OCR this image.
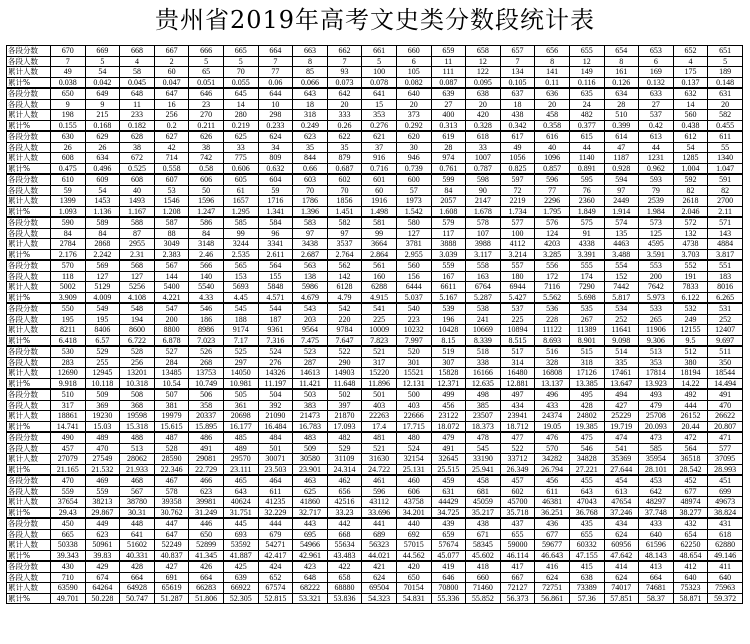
贵州省2019年高考文史类分数段统计表
各段分数	670	669	668	667	666	665	664	663	662	661	660	659	658	657	656	655	654	653	652	651
各段人数	7	5	4	2	5	5	7	8	7	5	6	11	12	7	8	12	8	6	4	5
累计人数	49	54	58	60	65	70	77	85	93	100	105	111	122	134	141	149	161	169	175	189
累计%	0.038	0.042	0.045	0.047	0.051	0.055	0.06	0.066	0.073	0.078	0.082	0.087	0.095	0.105	0.11	0.116	0.126	0.132	0.137	0.148
各段分数	650	649	648	647	646	645	644	643	642	641	640	639	638	637	636	635	634	633	632	631
各段人数	9	9	11	16	23	14	10	18	20	15	20	27	20	18	20	24	28	27	14	20
累计人数	198	215	233	256	270	280	298	318	333	353	373	400	420	438	458	482	510	537	560	582
累计%	0.155	0.168	0.182	0.2	0.211	0.219	0.233	0.249	0.26	0.276	0.292	0.313	0.328	0.342	0.358	0.377	0.399	0.42	0.438	0.455
各段分数	630	629	628	627	626	625	624	623	622	621	620	619	618	617	616	615	614	613	612	611
各段人数	26	26	38	42	38	33	34	35	35	37	30	28	33	49	40	44	47	44	54	55
累计人数	608	634	672	714	742	775	809	844	879	916	946	974	1007	1056	1096	1140	1187	1231	1285	1340
累计%	0.475	0.496	0.525	0.558	0.58	0.606	0.632	0.66	0.687	0.716	0.739	0.761	0.787	0.825	0.857	0.891	0.928	0.962	1.004	1.047
各段分数	610	609	608	607	606	605	604	603	602	601	600	599	598	597	596	595	594	593	592	591
各段人数	59	54	40	53	50	61	59	70	70	60	57	84	90	72	77	76	97	79	82	82
累计人数	1399	1453	1493	1546	1596	1657	1716	1786	1856	1916	1973	2057	2147	2219	2296	2360	2449	2539	2618	2700
累计%	1.093	1.136	1.167	1.208	1.247	1.295	1.341	1.396	1.451	1.498	1.542	1.608	1.678	1.734	1.795	1.849	1.914	1.984	2.046	2.11
各段分数	590	589	588	587	586	585	584	583	582	581	580	579	578	577	576	575	574	573	572	571
各段人数	84	84	87	88	84	99	96	97	97	99	127	117	107	100	124	91	135	125	132	143
累计人数	2784	2868	2955	3049	3148	3244	3341	3438	3537	3664	3781	3888	3988	4112	4203	4338	4463	4595	4738	4884
累计%	2.176	2.242	2.31	2.383	2.46	2.535	2.611	2.687	2.764	2.864	2.955	3.039	3.117	3.214	3.285	3.391	3.488	3.591	3.703	3.817
各段分数	570	569	568	567	566	565	564	563	562	561	560	559	558	557	556	555	554	553	552	551
各段人数	118	127	127	144	140	153	155	138	142	160	156	167	163	180	172	174	152	200	191	183
累计人数	5002	5129	5256	5400	5540	5693	5848	5986	6128	6288	6444	6611	6764	6944	7116	7290	7442	7642	7833	8016
累计%	3.909	4.009	4.108	4.221	4.33	4.45	4.571	4.679	4.79	4.915	5.037	5.167	5.287	5.427	5.562	5.698	5.817	5.973	6.122	6.265
各段分数	550	549	548	547	546	545	544	543	542	541	540	539	538	537	536	535	534	533	532	531
各段人数	195	195	194	200	186	188	187	203	220	225	223	196	241	225	228	267	252	265	249	252
累计人数	8211	8406	8600	8800	8986	9174	9361	9564	9784	10009	10232	10428	10669	10894	11122	11389	11641	11906	12155	12407
累计%	6.418	6.57	6.722	6.878	7.023	7.17	7.316	7.475	7.647	7.823	7.997	8.15	8.339	8.515	8.693	8.901	9.098	9.306	9.5	9.697
各段分数	530	529	528	527	526	525	524	523	522	521	520	519	518	517	516	515	514	513	512	511
各段人数	283	255	256	284	268	297	276	287	290	317	301	307	338	314	328	318	335	353	380	350
累计人数	12690	12945	13201	13485	13753	14050	14326	14613	14903	15220	15521	15828	16166	16480	16808	17126	17461	17814	18194	18544
累计%	9.918	10.118	10.318	10.54	10.749	10.981	11.197	11.421	11.648	11.896	12.131	12.371	12.635	12.881	13.137	13.385	13.647	13.923	14.22	14.494
各段分数	510	509	508	507	506	505	504	503	502	501	500	499	498	497	496	495	494	493	492	491
各段人数	317	369	368	381	358	361	392	383	397	403	403	456	385	434	433	428	427	479	444	470
累计人数	18861	19230	19598	19979	20337	20698	21090	21473	21870	22263	22666	23122	23507	23941	24374	24802	25229	25708	26152	26622
累计%	14.741	15.03	15.318	15.615	15.895	16.177	16.484	16.783	17.093	17.4	17.715	18.072	18.373	18.712	19.05	19.385	19.719	20.093	20.44	20.807
各段分数	490	489	488	487	486	485	484	483	482	481	480	479	478	477	476	475	474	473	472	471
各段人数	457	470	513	528	491	489	501	509	529	521	524	491	545	522	570	546	541	585	564	577
累计人数	27079	27549	28062	28590	29081	29570	30071	30580	31109	31630	32154	32645	33190	33712	34282	34828	35369	35954	36518	37095
累计%	21.165	21.532	21.933	22.346	22.729	23.111	23.503	23.901	24.314	24.722	25.131	25.515	25.941	26.349	26.794	27.221	27.644	28.101	28.542	28.993
各段分数	470	469	468	467	466	465	464	463	462	461	460	459	458	457	456	455	454	453	452	451
各段人数	559	559	567	578	623	643	611	625	656	596	606	631	681	602	611	643	613	642	677	699
累计人数	37654	38213	38780	39358	39981	40624	41235	41860	42516	43112	43758	44429	45059	45700	46381	47043	47654	48297	48974	49673
累计%	29.43	29.867	30.31	30.762	31.249	31.751	32.229	32.717	33.23	33.696	34.201	34.725	35.217	35.718	36.251	36.768	37.246	37.748	38.277	38.824
各段分数	450	449	448	447	446	445	444	443	442	441	440	439	438	437	436	435	434	433	432	431
各段人数	665	623	641	647	650	693	679	695	668	689	692	659	671	655	677	655	624	640	654	618
累计人数	50338	50961	51602	52249	52899	53592	54271	54966	55634	56323	57015	57674	58345	59000	59677	60332	60956	61596	62250	62880
累计%	39.343	39.83	40.331	40.837	41.345	41.887	42.417	42.961	43.483	44.021	44.562	45.077	45.602	46.114	46.643	47.155	47.642	48.143	48.654	49.146
各段分数	430	429	428	427	426	425	424	423	422	421	420	419	418	417	416	415	414	413	412	411
各段人数	710	674	664	691	664	639	652	648	658	624	650	646	660	667	624	638	624	664	640	640
累计人数	63590	64264	64928	65619	66283	66922	67574	68222	68880	69504	70154	70800	71460	72127	72751	73389	74017	74681	75323	75963
累计%	49.701	50.228	50.747	51.287	51.806	52.305	52.815	53.321	53.836	54.323	54.831	55.336	55.852	56.373	56.861	57.36	57.851	58.37	58.871	59.372
